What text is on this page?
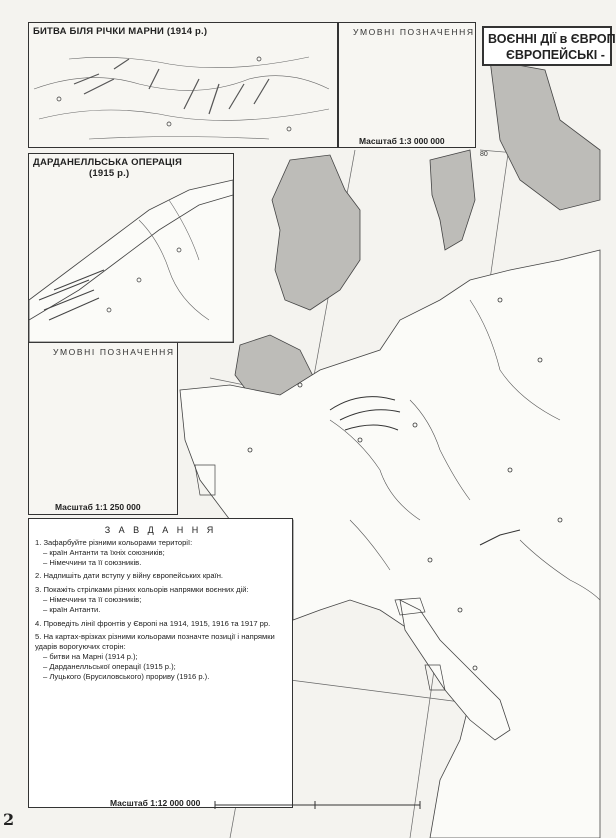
80
ВОЄННІ ДІЇ в ЄВРОП
ЄВРОПЕЙСЬКІ -
БИТВА БІЛЯ РІЧКИ МАРНИ (1914 р.)	УМОВНІ ПОЗНАЧЕННЯ
Масштаб 1:3 000 000
ДАРДАНЕЛЛЬСЬКА ОПЕРАЦІЯ
(1915 р.)
УМОВНІ ПОЗНАЧЕННЯ
Масштаб 1:1 250 000
З А В Д А Н Н Я
1. Зафарбуйте різними кольорами території:
– країн Антанти та їхніх союзників;
– Німеччини та її союзників.
2. Надпишіть дати вступу у війну європейських країн.
3. Покажіть стрілками різних кольорів напрямки воєнних дій:
– Німеччини та її союзників;
– країн Антанти.
4. Проведіть лінії фронтів у Європі на 1914, 1915, 1916 та 1917 рр.
5. На картах-врізках різними кольорами позначте позиції і напрямки ударів ворогуючих сторін:
– битви на Марні (1914 р.);
– Дарданелльської операції (1915 р.);
– Луцького (Брусиловського) прориву (1916 р.).
Масштаб 1:12 000 000
2
